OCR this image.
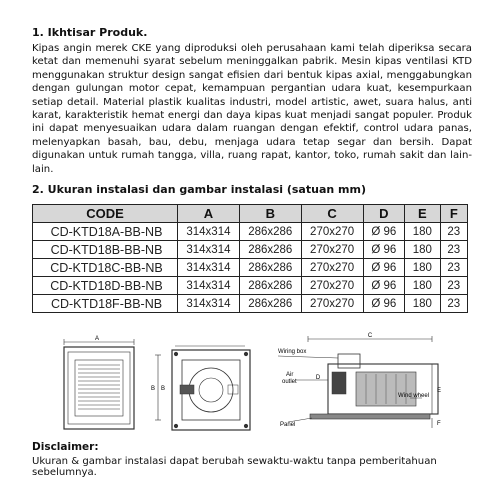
1. Ikhtisar Produk.
Kipas angin merek CKE yang diproduksi oleh perusahaan kami telah diperiksa secara ketat dan memenuhi syarat sebelum meninggalkan pabrik. Mesin kipas ventilasi KTD menggunakan struktur design sangat efisien dari bentuk kipas axial, menggabungkan dengan gulungan motor cepat, kemampuan pergantian udara kuat, kesempurkaan setiap detail. Material plastik kualitas industri, model artistic, awet, suara halus, anti karat, karakteristik hemat energi dan daya kipas kuat menjadi sangat populer. Produk ini dapat menyesuaikan udara dalam ruangan dengan efektif, control udara panas, melenyapkan basah, bau, debu, menjaga udara tetap segar dan bersih. Dapat digunakan untuk rumah tangga, villa, ruang rapat, kantor, toko, rumah sakit dan lain-lain.
2. Ukuran instalasi dan gambar instalasi (satuan mm)
CODE	A	B	C	D	E	F
CD-KTD18A-BB-NB	314x314	286x286	270x270	Ø 96	180	23
CD-KTD18B-BB-NB	314x314	286x286	270x270	Ø 96	180	23
CD-KTD18C-BB-NB	314x314	286x286	270x270	Ø 96	180	23
CD-KTD18D-BB-NB	314x314	286x286	270x270	Ø 96	180	23
CD-KTD18F-BB-NB	314x314	286x286	270x270	Ø 96	180	23
A
B B
C
D
E
F
Wiring box
Air
outlet
Wind wheel
Panel
Disclaimer:
Ukuran & gambar instalasi dapat berubah sewaktu-waktu tanpa pemberitahuan sebelumnya.
